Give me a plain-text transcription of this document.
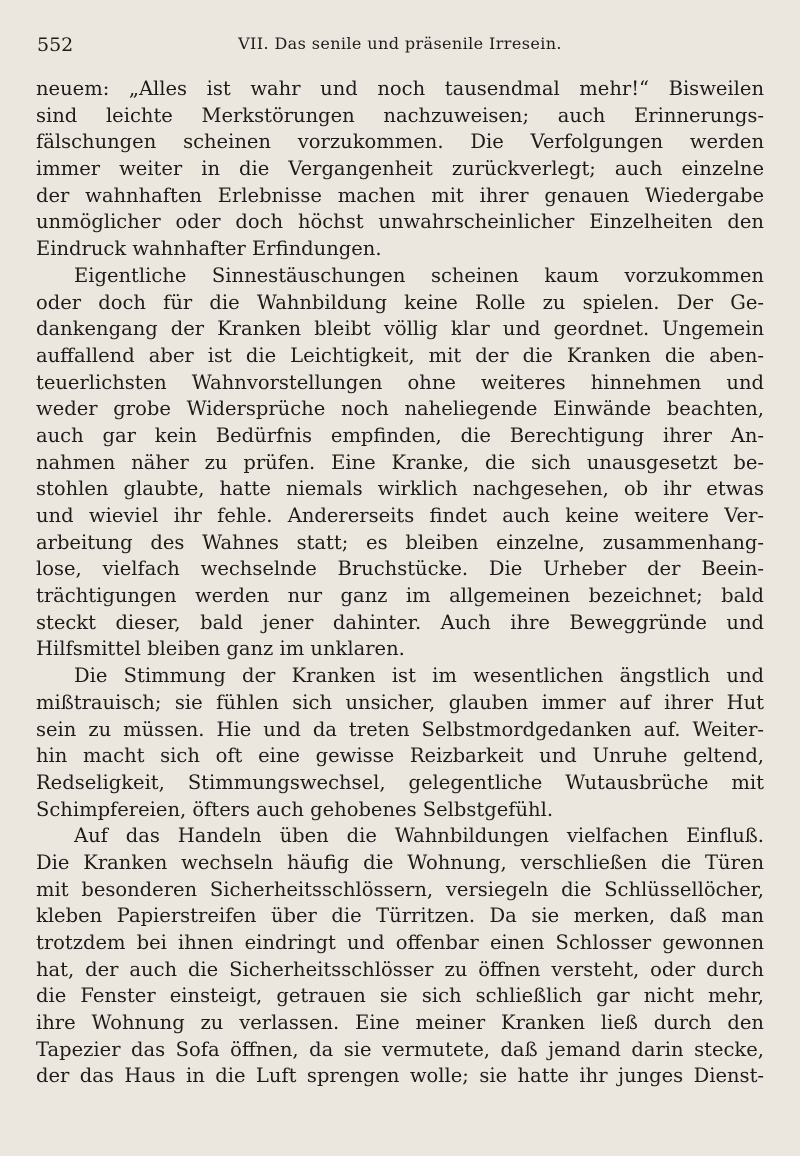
552	VII. Das senile und präsenile Irresein.
neuem: „Alles ist wahr und noch tausendmal mehr!“ Bisweilen
sind leichte Merkstörungen nachzuweisen; auch Erinnerungs-
fälschungen scheinen vorzukommen. Die Verfolgungen werden
immer weiter in die Vergangenheit zurückverlegt; auch einzelne
der wahnhaften Erlebnisse machen mit ihrer genauen Wiedergabe
unmöglicher oder doch höchst unwahrscheinlicher Einzelheiten den
Eindruck wahnhafter Erfindungen.
Eigentliche Sinnestäuschungen scheinen kaum vorzukommen
oder doch für die Wahnbildung keine Rolle zu spielen. Der Ge-
dankengang der Kranken bleibt völlig klar und geordnet. Ungemein
auffallend aber ist die Leichtigkeit, mit der die Kranken die aben-
teuerlichsten Wahnvorstellungen ohne weiteres hinnehmen und
weder grobe Widersprüche noch naheliegende Einwände beachten,
auch gar kein Bedürfnis empfinden, die Berechtigung ihrer An-
nahmen näher zu prüfen. Eine Kranke, die sich unausgesetzt be-
stohlen glaubte, hatte niemals wirklich nachgesehen, ob ihr etwas
und wieviel ihr fehle. Andererseits findet auch keine weitere Ver-
arbeitung des Wahnes statt; es bleiben einzelne, zusammenhang-
lose, vielfach wechselnde Bruchstücke. Die Urheber der Beein-
trächtigungen werden nur ganz im allgemeinen bezeichnet; bald
steckt dieser, bald jener dahinter. Auch ihre Beweggründe und
Hilfsmittel bleiben ganz im unklaren.
Die Stimmung der Kranken ist im wesentlichen ängstlich und
mißtrauisch; sie fühlen sich unsicher, glauben immer auf ihrer Hut
sein zu müssen. Hie und da treten Selbstmordgedanken auf. Weiter-
hin macht sich oft eine gewisse Reizbarkeit und Unruhe geltend,
Redseligkeit, Stimmungswechsel, gelegentliche Wutausbrüche mit
Schimpfereien, öfters auch gehobenes Selbstgefühl.
Auf das Handeln üben die Wahnbildungen vielfachen Einfluß.
Die Kranken wechseln häufig die Wohnung, verschließen die Türen
mit besonderen Sicherheitsschlössern, versiegeln die Schlüssellöcher,
kleben Papierstreifen über die Türritzen. Da sie merken, daß man
trotzdem bei ihnen eindringt und offenbar einen Schlosser gewonnen
hat, der auch die Sicherheitsschlösser zu öffnen versteht, oder durch
die Fenster einsteigt, getrauen sie sich schließlich gar nicht mehr,
ihre Wohnung zu verlassen. Eine meiner Kranken ließ durch den
Tapezier das Sofa öffnen, da sie vermutete, daß jemand darin stecke,
der das Haus in die Luft sprengen wolle; sie hatte ihr junges Dienst-
